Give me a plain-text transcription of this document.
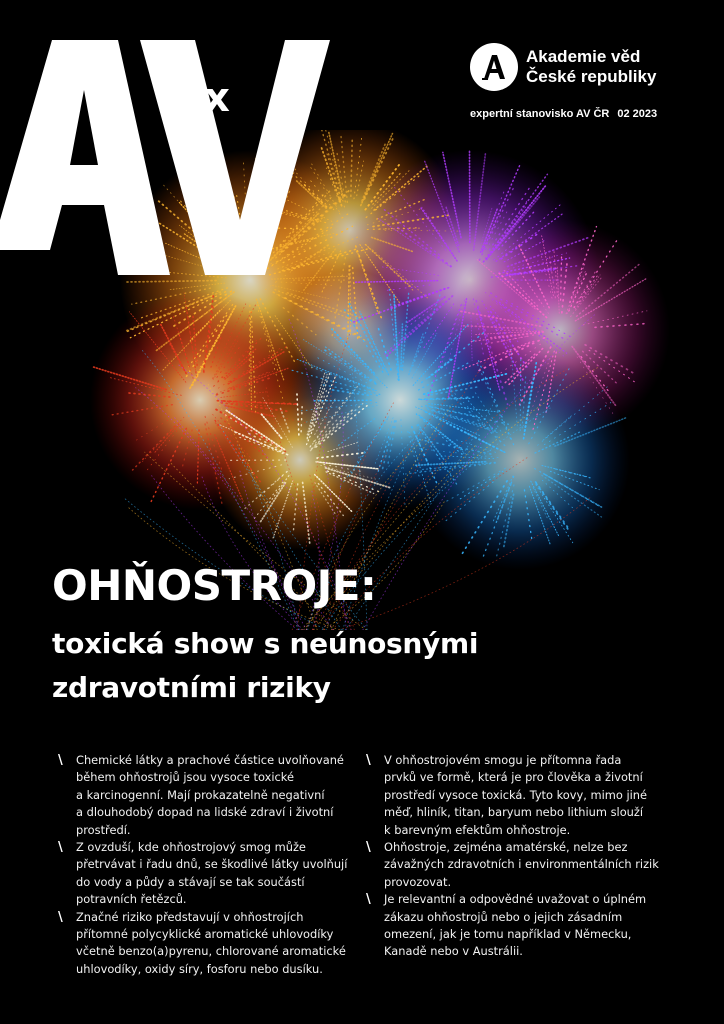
ex
Akademie věd
České republiky
expertní stanovisko AV ČR 02 2023
OHŇOSTROJE:
toxická show s neúnosnými
zdravotními riziky
\ Chemické látky a prachové částice uvolňované
během ohňostrojů jsou vysoce toxické
a karcinogenní. Mají prokazatelně negativní
a dlouhodobý dopad na lidské zdraví i životní
prostředí.
\ Z ovzduší, kde ohňostrojový smog může
přetrvávat i řadu dnů, se škodlivé látky uvolňují
do vody a půdy a stávají se tak součástí
potravních řetězců.
\ Značné riziko představují v ohňostrojích
přítomné polycyklické aromatické uhlovodíky
včetně benzo(a)pyrenu, chlorované aromatické
uhlovodíky, oxidy síry, fosforu nebo dusíku.
\ V ohňostrojovém smogu je přítomna řada
prvků ve formě, která je pro člověka a životní
prostředí vysoce toxická. Tyto kovy, mimo jiné
měď, hliník, titan, baryum nebo lithium slouží
k barevným efektům ohňostroje.
\ Ohňostroje, zejména amatérské, nelze bez
závažných zdravotních i environmentálních rizik
provozovat.
\ Je relevantní a odpovědné uvažovat o úplném
zákazu ohňostrojů nebo o jejich zásadním
omezení, jak je tomu například v Německu,
Kanadě nebo v Austrálii.
